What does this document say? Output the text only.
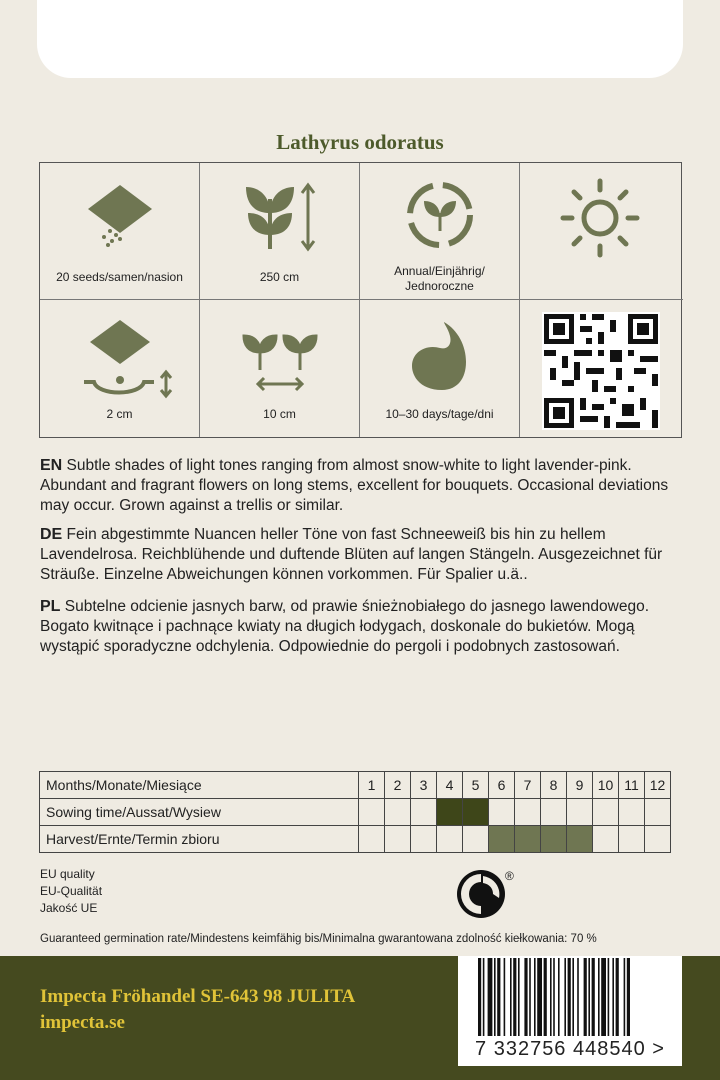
Lathyrus odoratus
20 seeds/samen/nasion	250 cm	Annual/Einjährig/
Jednoroczne
2 cm	10 cm	10–30 days/tage/dni
EN Subtle shades of light tones ranging from almost snow-white to light lavender-pink. Abundant and fragrant flowers on long stems, excellent for bouquets. Occasional deviations may occur. Grown against a trellis or similar.
DE Fein abgestimmte Nuancen heller Töne von fast Schneeweiß bis hin zu hellem Lavendelrosa. Reichblühende und duftende Blüten auf langen Stängeln. Ausgezeichnet für Sträuße. Einzelne Abweichungen können vorkommen. Für Spalier u.ä..
PL Subtelne odcienie jasnych barw, od prawie śnieżnobiałego do jasnego lawendowego. Bogato kwitnące i pachnące kwiaty na długich łodygach, doskonale do bukietów. Mogą wystąpić sporadyczne odchylenia. Odpowiednie do pergoli i podobnych zastosowań.
Months/Monate/Miesiące	1	2	3	4	5	6	7	8	9	10	11	12
Sowing time/Aussat/Wysiew												
Harvest/Ernte/Termin zbioru												
EU quality
EU-Qualität
Jakość UE
®
Guaranteed germination rate/Mindestens keimfähig bis/Minimalna gwarantowana zdolność kiełkowania: 70 %
Impecta Fröhandel SE-643 98 JULITA
impecta.se
7 332756 448540 >
